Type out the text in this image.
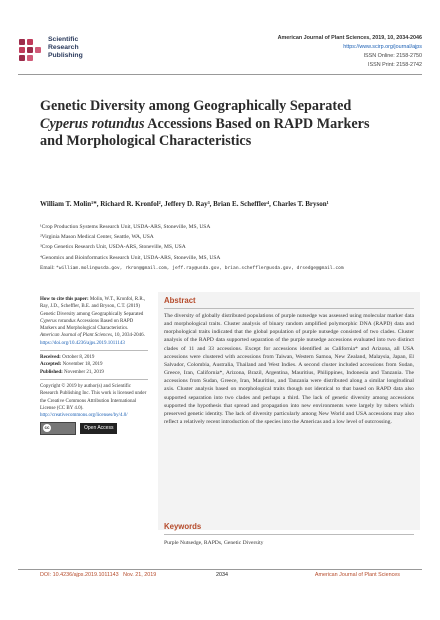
Scientific
Research
Publishing
American Journal of Plant Sciences, 2019, 10, 2034-2046
https://www.scirp.org/journal/ajps
ISSN Online: 2158-2750
ISSN Print: 2158-2742
Genetic Diversity among Geographically Separated Cyperus rotundus Accessions Based on RAPD Markers and Morphological Characteristics
William T. Molin¹*, Richard R. Kronfol², Jeffery D. Ray³, Brian E. Scheffler⁴, Charles T. Bryson¹
¹Crop Production Systems Research Unit, USDA-ARS, Stoneville, MS, USA
²Virginia Mason Medical Center, Seattle, WA, USA
³Crop Genetics Research Unit, USDA-ARS, Stoneville, MS, USA
⁴Genomics and Bioinformatics Research Unit, USDA-ARS, Stoneville, MS, USA
Email: *william.molin@usda.gov, rkron@gmail.com, jeff.ray@usda.gov, brian.scheffler@usda.gov, drsedge@gmail.com
How to cite this paper: Molin, W.T., Kronfol, R.R., Ray, J.D., Scheffler, B.E. and Bryson, C.T. (2019) Genetic Diversity among Geographically Separated Cyperus rotundus Accessions Based on RAPD Markers and Morphological Characteristics. American Journal of Plant Sciences, 10, 2034-2046. https://doi.org/10.4236/ajps.2019.1011143
Received: October 8, 2019
Accepted: November 18, 2019
Published: November 21, 2019
Copyright © 2019 by author(s) and Scientific Research Publishing Inc. This work is licensed under the Creative Commons Attribution International License (CC BY 4.0).
http://creativecommons.org/licenses/by/4.0/
cc	Open Access
Abstract
The diversity of globally distributed populations of purple nutsedge was assessed using molecular marker data and morphological traits. Cluster analysis of binary random amplified polymorphic DNA (RAPD) data and morphological traits indicated that the global population of purple nutsedge consisted of two clades. Cluster analysis of the RAPD data supported separation of the purple nutsedge accessions evaluated into two distinct clades of 11 and 33 accessions. Except for accessions identified as California* and Arizona, all USA accessions were clustered with accessions from Taiwan, Western Samoa, New Zealand, Malaysia, Japan, El Salvador, Colombia, Australia, Thailand and West Indies. A second cluster included accessions from Sudan, Greece, Iran, California*, Arizona, Brazil, Argentina, Mauritius, Philippines, Indonesia and Tanzania. The accessions from Sudan, Greece, Iran, Mauritius, and Tanzania were distributed along a similar longitudinal axis. Cluster analysis based on morphological traits though not identical to that based on RAPD data also supported separation into two clades and perhaps a third. The lack of genetic diversity among accessions supported the hypothesis that spread and propagation into new environments were largely by tubers which preserved genetic identity. The lack of diversity particularly among New World and USA accessions may also reflect a relatively recent introduction of the species into the Americas and a low level of outcrossing.
Keywords
Purple Nutsedge, RAPDs, Genetic Diversity
DOI: 10.4236/ajps.2019.1011143 Nov. 21, 2019	2034	American Journal of Plant Sciences
